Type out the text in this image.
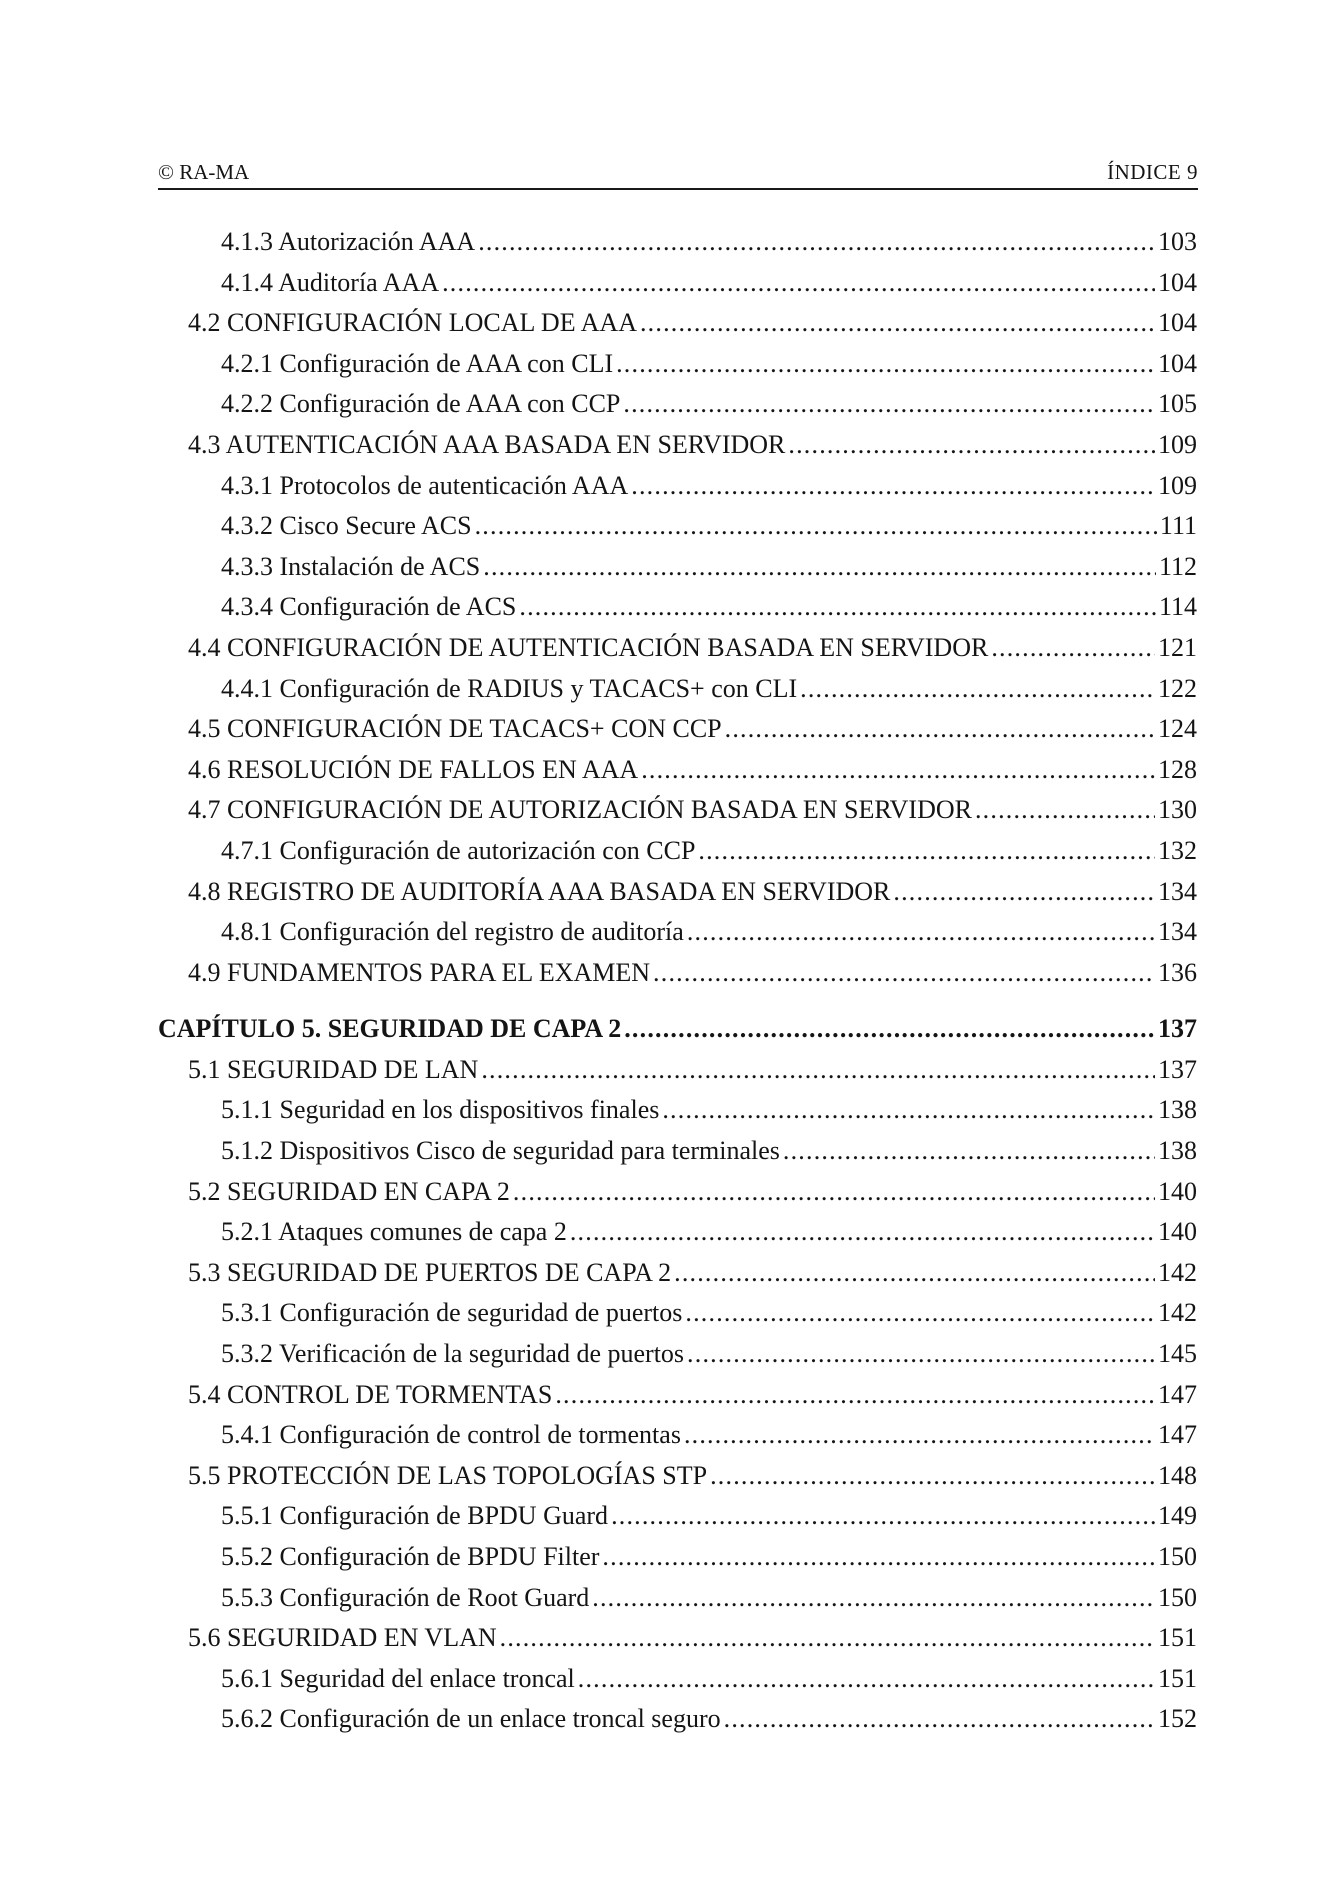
© RA-MA	ÍNDICE 9
4.1.3 Autorización AAA .....	103
4.1.4 Auditoría AAA .....	104
4.2 CONFIGURACIÓN LOCAL DE AAA .....	104
4.2.1 Configuración de AAA con CLI .....	104
4.2.2 Configuración de AAA con CCP .....	105
4.3 AUTENTICACIÓN AAA BASADA EN SERVIDOR .....	109
4.3.1 Protocolos de autenticación AAA .....	109
4.3.2 Cisco Secure ACS .....	111
4.3.3 Instalación de ACS .....	112
4.3.4 Configuración de ACS .....	114
4.4 CONFIGURACIÓN DE AUTENTICACIÓN BASADA EN SERVIDOR .....	121
4.4.1 Configuración de RADIUS y TACACS+ con CLI .....	122
4.5 CONFIGURACIÓN DE TACACS+ CON CCP .....	124
4.6 RESOLUCIÓN DE FALLOS EN AAA .....	128
4.7 CONFIGURACIÓN DE AUTORIZACIÓN BASADA EN SERVIDOR .....	130
4.7.1 Configuración de autorización con CCP .....	132
4.8 REGISTRO DE AUDITORÍA AAA BASADA EN SERVIDOR .....	134
4.8.1 Configuración del registro de auditoría .....	134
4.9 FUNDAMENTOS PARA EL EXAMEN .....	136
CAPÍTULO 5. SEGURIDAD DE CAPA 2 .....	137
5.1 SEGURIDAD DE LAN .....	137
5.1.1 Seguridad en los dispositivos finales .....	138
5.1.2 Dispositivos Cisco de seguridad para terminales .....	138
5.2 SEGURIDAD EN CAPA 2 .....	140
5.2.1 Ataques comunes de capa 2 .....	140
5.3 SEGURIDAD DE PUERTOS DE CAPA 2 .....	142
5.3.1 Configuración de seguridad de puertos .....	142
5.3.2 Verificación de la seguridad de puertos .....	145
5.4 CONTROL DE TORMENTAS .....	147
5.4.1 Configuración de control de tormentas .....	147
5.5 PROTECCIÓN DE LAS TOPOLOGÍAS STP .....	148
5.5.1 Configuración de BPDU Guard .....	149
5.5.2 Configuración de BPDU Filter .....	150
5.5.3 Configuración de Root Guard .....	150
5.6 SEGURIDAD EN VLAN .....	151
5.6.1 Seguridad del enlace troncal .....	151
5.6.2 Configuración de un enlace troncal seguro .....	152
